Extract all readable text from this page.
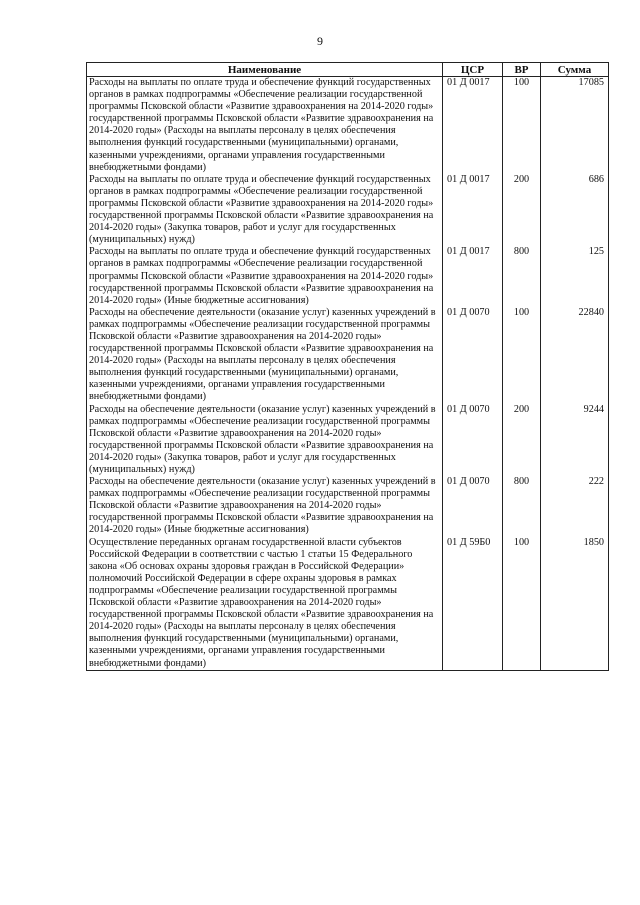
9
Наименование	ЦСР	ВР	Сумма
Расходы на выплаты по оплате труда и обеспечение функций государственных органов в рамках подпрограммы «Обеспечение реализации государственной программы Псковской области «Развитие здравоохранения на 2014-2020 годы» государственной программы Псковской области «Развитие здравоохранения на 2014-2020 годы» (Расходы на выплаты персоналу в целях обеспечения выполнения функций государственными (муниципальными) органами, казенными учреждениями, органами управления государственными внебюджетными фондами)	01 Д 0017	100	17085
Расходы на выплаты по оплате труда и обеспечение функций государственных органов в рамках подпрограммы «Обеспечение реализации государственной программы Псковской области «Развитие здравоохранения на 2014-2020 годы» государственной программы Псковской области «Развитие здравоохранения на 2014-2020 годы» (Закупка товаров, работ и услуг для государственных (муниципальных) нужд)	01 Д 0017	200	686
Расходы на выплаты по оплате труда и обеспечение функций государственных органов в рамках подпрограммы «Обеспечение реализации государственной программы Псковской области «Развитие здравоохранения на 2014-2020 годы» государственной программы Псковской области «Развитие здравоохранения на 2014-2020 годы» (Иные бюджетные ассигнования)	01 Д 0017	800	125
Расходы на обеспечение деятельности (оказание услуг) казенных учреждений в рамках подпрограммы «Обеспечение реализации государственной программы Псковской области «Развитие здравоохранения на 2014-2020 годы» государственной программы Псковской области «Развитие здравоохранения на 2014-2020 годы» (Расходы на выплаты персоналу в целях обеспечения выполнения функций государственными (муниципальными) органами, казенными учреждениями, органами управления государственными внебюджетными фондами)	01 Д 0070	100	22840
Расходы на обеспечение деятельности (оказание услуг) казенных учреждений в рамках подпрограммы «Обеспечение реализации государственной программы Псковской области «Развитие здравоохранения на 2014-2020 годы» государственной программы Псковской области «Развитие здравоохранения на 2014-2020 годы» (Закупка товаров, работ и услуг для государственных (муниципальных) нужд)	01 Д 0070	200	9244
Расходы на обеспечение деятельности (оказание услуг) казенных учреждений в рамках подпрограммы «Обеспечение реализации государственной программы Псковской области «Развитие здравоохранения на 2014-2020 годы» государственной программы Псковской области «Развитие здравоохранения на 2014-2020 годы» (Иные бюджетные ассигнования)	01 Д 0070	800	222
Осуществление переданных органам государственной власти субъектов Российской Федерации в соответствии с частью 1 статьи 15 Федерального закона «Об основах охраны здоровья граждан в Российской Федерации» полномочий Российской Федерации в сфере охраны здоровья в рамках подпрограммы «Обеспечение реализации государственной программы Псковской области «Развитие здравоохранения на 2014-2020 годы» государственной программы Псковской области «Развитие здравоохранения на 2014-2020 годы» (Расходы на выплаты персоналу в целях обеспечения выполнения функций государственными (муниципальными) органами, казенными учреждениями, органами управления государственными внебюджетными фондами)	01 Д 59Б0	100	1850
